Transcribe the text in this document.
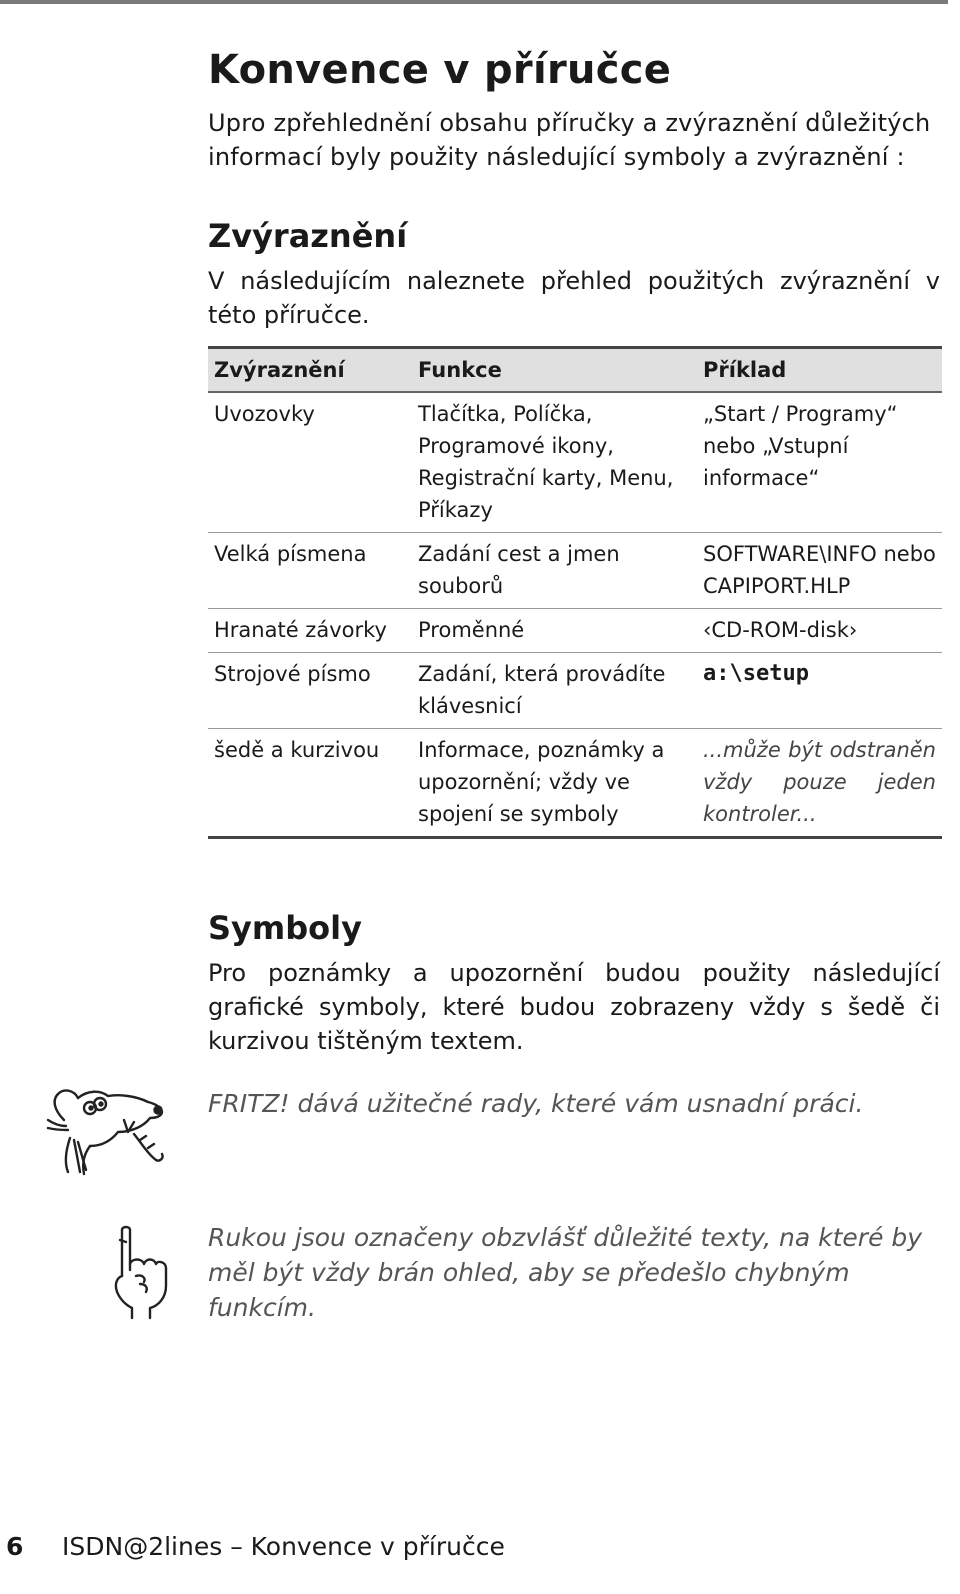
Konvence v příručce

Upro zpřehlednění obsahu příručky a zvýraznění důležitých informací byly použity následující symboly a zvýraznění :

Zvýraznění

V následujícím naleznete přehled použitých zvýraznění v této příručce.

Zvýraznění	Funkce	Příklad
Uvozovky	Tlačítka, Políčka, Programové ikony, Registrační karty, Menu, Příkazy	„Start / Programy“ nebo „Vstupní informace“
Velká písmena	Zadání cest a jmen souborů	SOFTWARE\INFO nebo CAPIPORT.HLP
Hranaté závorky	Proměnné	‹CD-ROM-disk›
Strojové písmo	Zadání, která provádíte klávesnicí	a:\setup
šedě a kurzivou	Informace, poznámky a upozornění; vždy ve spojení se symboly	...může být odstraněn vždy pouze jeden kontroler...
Symboly

Pro poznámky a upozornění budou použity následující grafické symboly, které budou zobrazeny vždy s šedě či kurzivou tištěným textem.

FRITZ! dává užitečné rady, které vám usnadní práci.
Rukou jsou označeny obzvlášť důležité texty, na které by měl být vždy brán ohled, aby se předešlo chybným funkcím.
6 ISDN@2lines – Konvence v příručce
